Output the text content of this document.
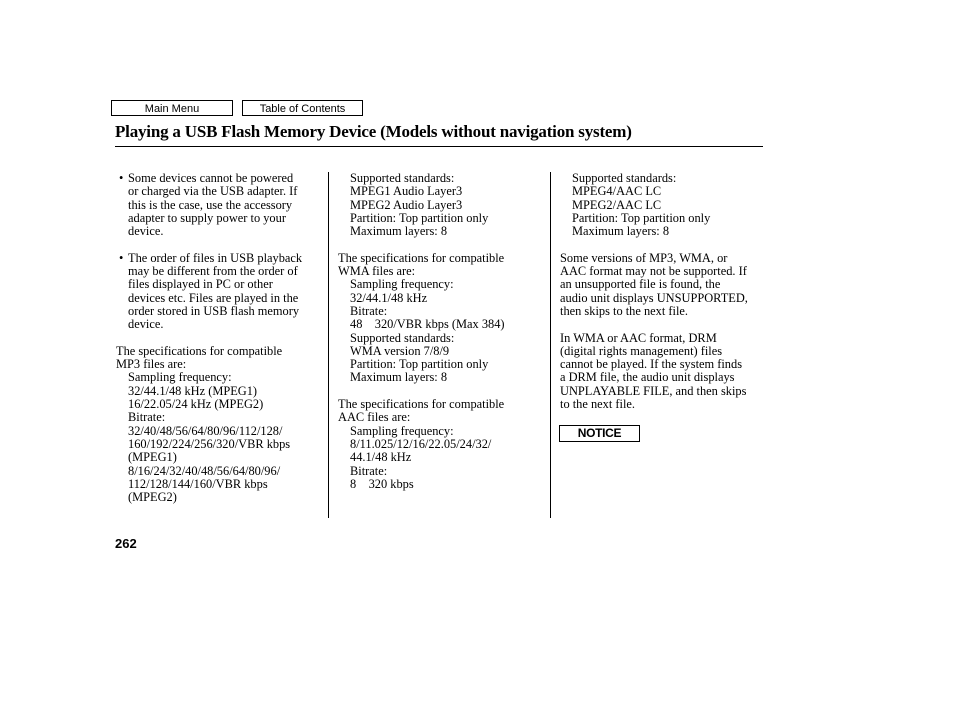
Main Menu	Table of Contents
Playing a USB Flash Memory Device (Models without navigation system)

• Some devices cannot be powered

or charged via the USB adapter. If

this is the case, use the accessory

adapter to supply power to your

device.

• The order of files in USB playback

may be different from the order of

files displayed in PC or other

devices etc. Files are played in the

order stored in USB flash memory

device.

The specifications for compatible

MP3 files are:

Sampling frequency:

32/44.1/48 kHz (MPEG1)

16/22.05/24 kHz (MPEG2)

Bitrate:

32/40/48/56/64/80/96/112/128/

160/192/224/256/320/VBR kbps

(MPEG1)

8/16/24/32/40/48/56/64/80/96/

112/128/144/160/VBR kbps

(MPEG2)

Supported standards:

MPEG1 Audio Layer3

MPEG2 Audio Layer3

Partition: Top partition only

Maximum layers: 8

The specifications for compatible

WMA files are:

Sampling frequency:

32/44.1/48 kHz

Bitrate:

48    320/VBR kbps (Max 384)

Supported standards:

WMA version 7/8/9

Partition: Top partition only

Maximum layers: 8

The specifications for compatible

AAC files are:

Sampling frequency:

8/11.025/12/16/22.05/24/32/

44.1/48 kHz

Bitrate:

8    320 kbps

Supported standards:

MPEG4/AAC LC

MPEG2/AAC LC

Partition: Top partition only

Maximum layers: 8

Some versions of MP3, WMA, or

AAC format may not be supported. If

an unsupported file is found, the

audio unit displays UNSUPPORTED,

then skips to the next file.

In WMA or AAC format, DRM

(digital rights management) files

cannot be played. If the system finds

a DRM file, the audio unit displays

UNPLAYABLE FILE, and then skips

to the next file.

NOTICE
262
